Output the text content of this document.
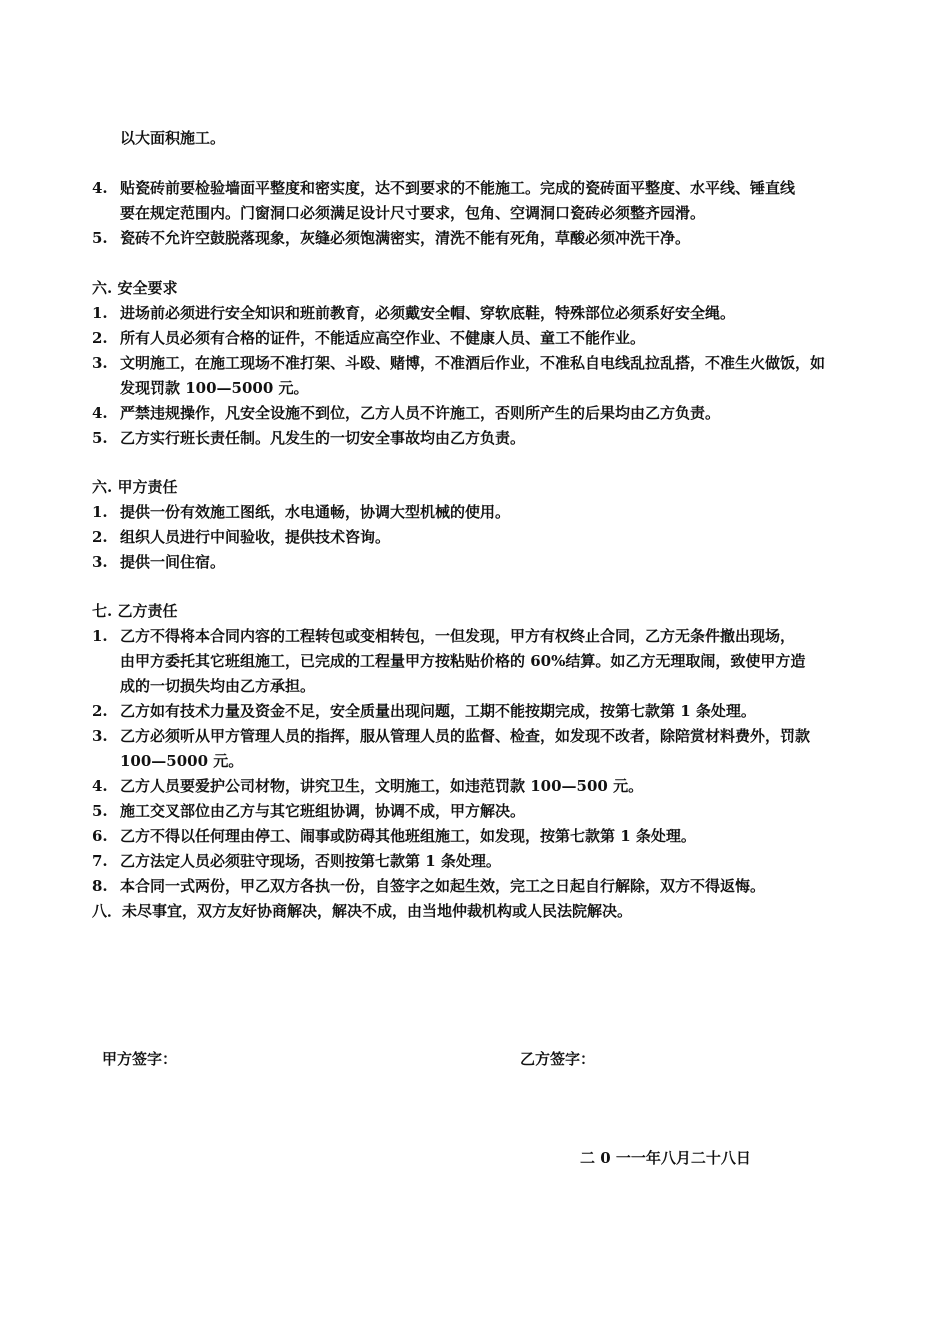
以大面积施工。
4. 贴瓷砖前要检验墙面平整度和密实度，达不到要求的不能施工。完成的瓷砖面平整度、水平线、锤直线
要在规定范围内。门窗洞口必须满足设计尺寸要求，包角、空调洞口瓷砖必须整齐园滑。
5. 瓷砖不允许空鼓脱落现象，灰缝必须饱满密实，清洗不能有死角，草酸必须冲洗干净。
六. 安全要求
1. 进场前必须进行安全知识和班前教育，必须戴安全帽、穿软底鞋，特殊部位必须系好安全绳。
2. 所有人员必须有合格的证件，不能适应高空作业、不健康人员、童工不能作业。
3. 文明施工，在施工现场不准打架、斗殴、赌博，不准酒后作业，不准私自电线乱拉乱搭，不准生火做饭，如
发现罚款 100—5000 元。
4. 严禁违规操作，凡安全设施不到位，乙方人员不许施工，否则所产生的后果均由乙方负责。
5. 乙方实行班长责任制。凡发生的一切安全事故均由乙方负责。
六. 甲方责任
1. 提供一份有效施工图纸，水电通畅，协调大型机械的使用。
2. 组织人员进行中间验收，提供技术咨询。
3. 提供一间住宿。
七. 乙方责任
1. 乙方不得将本合同内容的工程转包或变相转包，一但发现，甲方有权终止合同，乙方无条件撤出现场，
由甲方委托其它班组施工，已完成的工程量甲方按粘贴价格的 60%结算。如乙方无理取闹，致使甲方造
成的一切损失均由乙方承担。
2. 乙方如有技术力量及资金不足，安全质量出现问题，工期不能按期完成，按第七款第 1 条处理。
3. 乙方必须听从甲方管理人员的指挥，服从管理人员的监督、检查，如发现不改者，除陪赏材料费外，罚款
100—5000 元。
4. 乙方人员要爱护公司材物，讲究卫生，文明施工，如违范罚款 100—500 元。
5. 施工交叉部位由乙方与其它班组协调，协调不成，甲方解决。
6. 乙方不得以任何理由停工、闹事或防碍其他班组施工，如发现，按第七款第 1 条处理。
7. 乙方法定人员必须驻守现场，否则按第七款第 1 条处理。
8. 本合同一式两份，甲乙双方各执一份，自签字之如起生效，完工之日起自行解除，双方不得返悔。
八．未尽事宜，双方友好协商解决，解决不成，由当地仲裁机构或人民法院解决。
甲方签字：	乙方签字：
二 0 一一年八月二十八日
